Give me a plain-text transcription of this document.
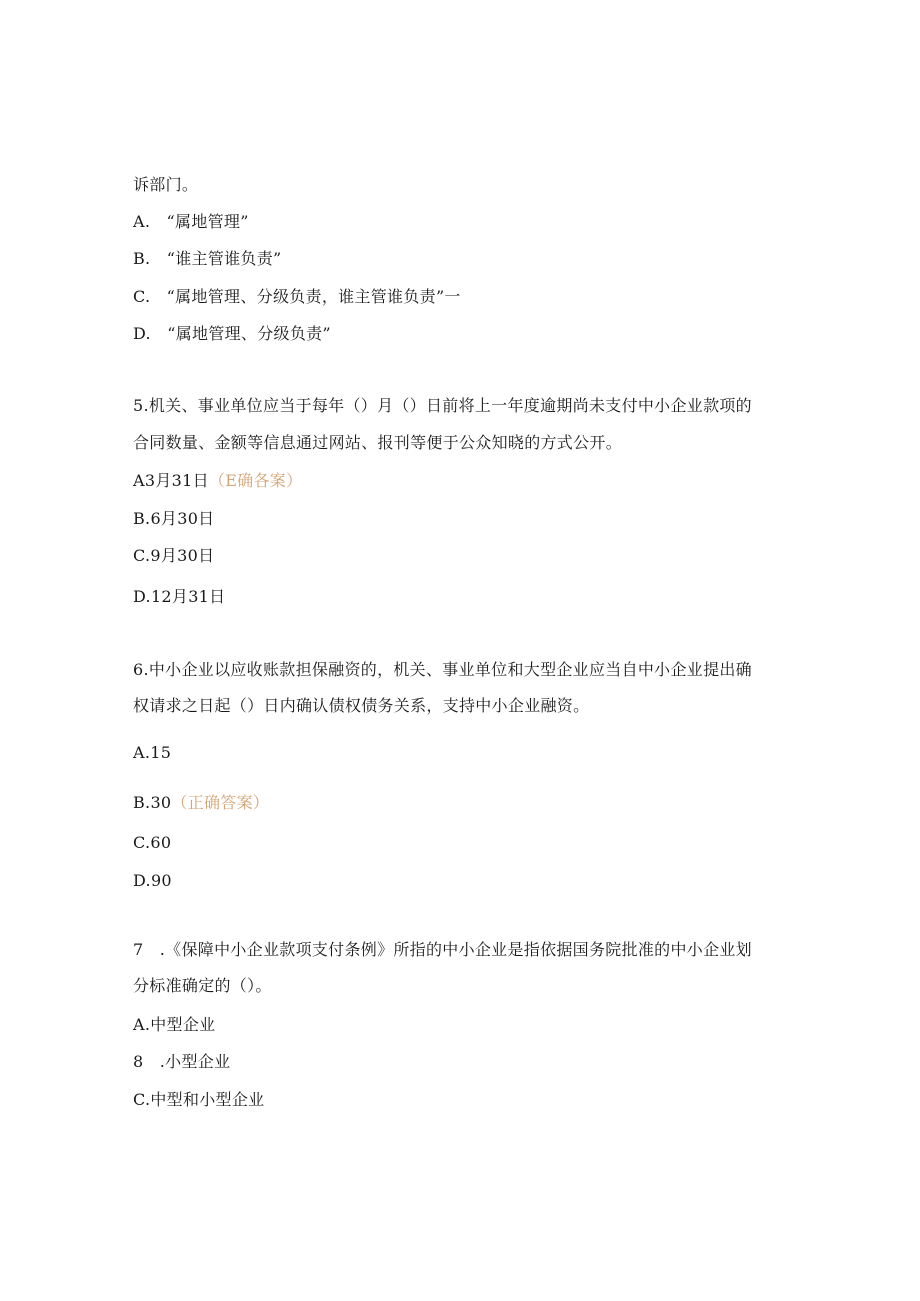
诉部门。
A.　“属地管理”
B.　“谁主管谁负责”
C.　“属地管理、分级负责，谁主管谁负责”一
D.　“属地管理、分级负责”
5.机关、事业单位应当于每年（）月（）日前将上一年度逾期尚未支付中小企业款项的
合同数量、金额等信息通过网站、报刊等便于公众知晓的方式公开。
A3月31日（E确各案）
B.6月30日
C.9月30日
D.12月31日
6.中小企业以应收账款担保融资的，机关、事业单位和大型企业应当自中小企业提出确
权请求之日起（）日内确认债权债务关系，支持中小企业融资。
A.15
B.30（正确答案）
C.60
D.90
7　.《保障中小企业款项支付条例》所指的中小企业是指依据国务院批准的中小企业划
分标准确定的（）。
A.中型企业
8　.小型企业
C.中型和小型企业
